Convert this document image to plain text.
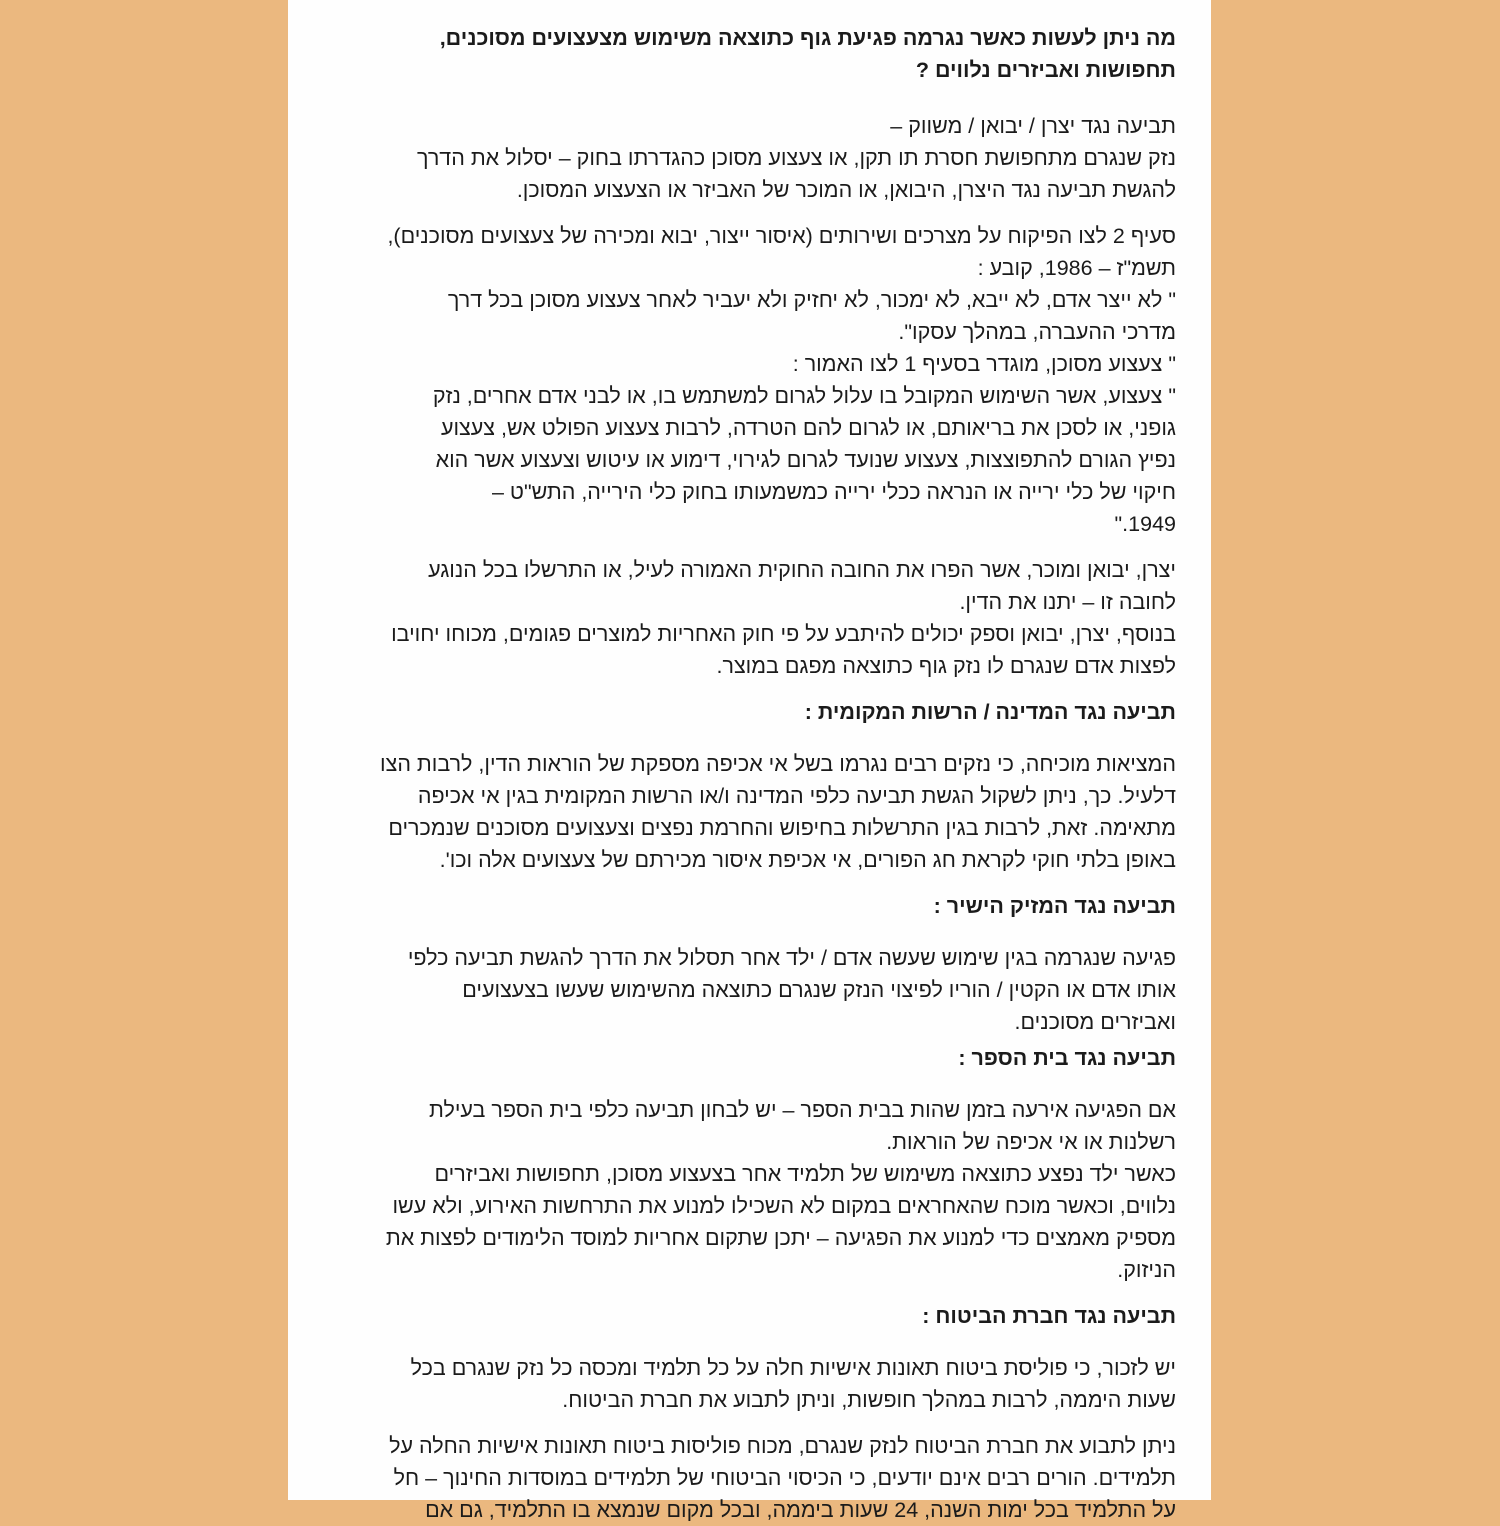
מה ניתן לעשות כאשר נגרמה פגיעת גוף כתוצאה משימוש מצעצועים מסוכנים,
תחפושות ואביזרים נלווים ?
תביעה נגד יצרן / יבואן / משווק –
נזק שנגרם מתחפושת חסרת תו תקן, או צעצוע מסוכן כהגדרתו בחוק – יסלול את הדרך
להגשת תביעה נגד היצרן, היבואן, או המוכר של האביזר או הצעצוע המסוכן.
סעיף 2 לצו הפיקוח על מצרכים ושירותים (איסור ייצור, יבוא ומכירה של צעצועים מסוכנים),
תשמ"ז – 1986, קובע :
" לא ייצר אדם, לא ייבא, לא ימכור, לא יחזיק ולא יעביר לאחר צעצוע מסוכן בכל דרך
מדרכי ההעברה, במהלך עסקו".
" צעצוע מסוכן, מוגדר בסעיף 1 לצו האמור :
" צעצוע, אשר השימוש המקובל בו עלול לגרום למשתמש בו, או לבני אדם אחרים, נזק
גופני, או לסכן את בריאותם, או לגרום להם הטרדה, לרבות צעצוע הפולט אש, צעצוע
נפיץ הגורם להתפוצצות, צעצוע שנועד לגרום לגירוי, דימוע או עיטוש וצעצוע אשר הוא
חיקוי של כלי ירייה או הנראה ככלי ירייה כמשמעותו בחוק כלי הירייה, התש"ט –
1949."
יצרן, יבואן ומוכר, אשר הפרו את החובה החוקית האמורה לעיל, או התרשלו בכל הנוגע
לחובה זו – יתנו את הדין.
בנוסף, יצרן, יבואן וספק יכולים להיתבע על פי חוק האחריות למוצרים פגומים, מכוחו יחויבו
לפצות אדם שנגרם לו נזק גוף כתוצאה מפגם במוצר.
תביעה נגד המדינה / הרשות המקומית :
המציאות מוכיחה, כי נזקים רבים נגרמו בשל אי אכיפה מספקת של הוראות הדין, לרבות הצו
דלעיל. כך, ניתן לשקול הגשת תביעה כלפי המדינה ו/או הרשות המקומית בגין אי אכיפה
מתאימה. זאת, לרבות בגין התרשלות בחיפוש והחרמת נפצים וצעצועים מסוכנים שנמכרים
באופן בלתי חוקי לקראת חג הפורים, אי אכיפת איסור מכירתם של צעצועים אלה וכו'.
תביעה נגד המזיק הישיר :
פגיעה שנגרמה בגין שימוש שעשה אדם / ילד אחר תסלול את הדרך להגשת תביעה כלפי
אותו אדם או הקטין / הוריו לפיצוי הנזק שנגרם כתוצאה מהשימוש שעשו בצעצועים
ואביזרים מסוכנים.
תביעה נגד בית הספר :
אם הפגיעה אירעה בזמן שהות בבית הספר – יש לבחון תביעה כלפי בית הספר בעילת
רשלנות או אי אכיפה של הוראות.
כאשר ילד נפצע כתוצאה משימוש של תלמיד אחר בצעצוע מסוכן, תחפושות ואביזרים
נלווים, וכאשר מוכח שהאחראים במקום לא השכילו למנוע את התרחשות האירוע, ולא עשו
מספיק מאמצים כדי למנוע את הפגיעה – יתכן שתקום אחריות למוסד הלימודים לפצות את
הניזוק.
תביעה נגד חברת הביטוח :
יש לזכור, כי פוליסת ביטוח תאונות אישיות חלה על כל תלמיד ומכסה כל נזק שנגרם בכל
שעות היממה, לרבות במהלך חופשות, וניתן לתבוע את חברת הביטוח.
ניתן לתבוע את חברת הביטוח לנזק שנגרם, מכוח פוליסות ביטוח תאונות אישיות החלה על
תלמידים. הורים רבים אינם יודעים, כי הכיסוי הביטוחי של תלמידים במוסדות החינוך – חל
על התלמיד בכל ימות השנה, 24 שעות ביממה, ובכל מקום שנמצא בו התלמיד, גם אם
